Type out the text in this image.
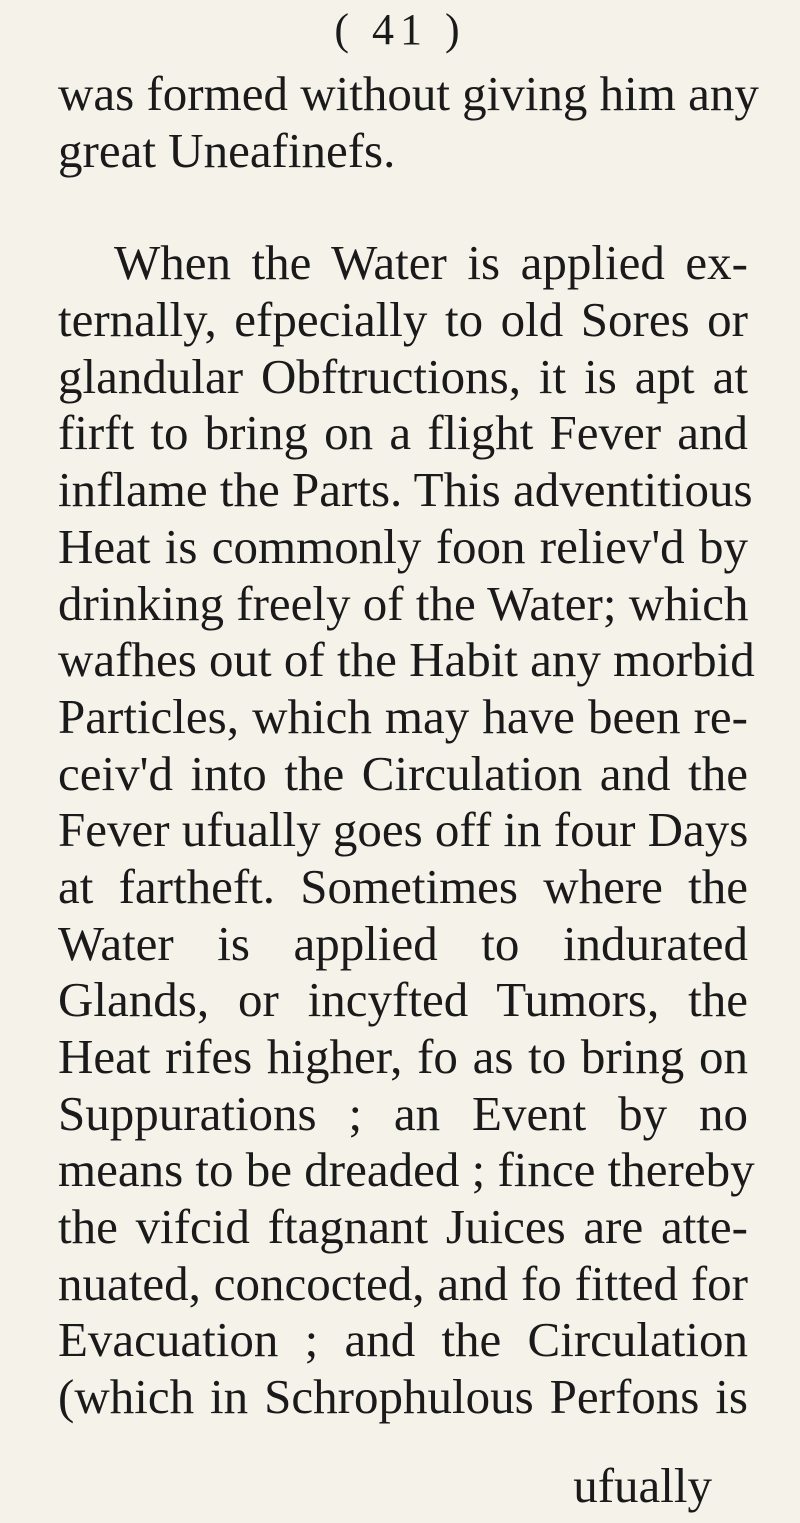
( 41 )
was formed without giving him any
great Uneafinefs.
When the Water is applied ex-
ternally, efpecially to old Sores or
glandular Obftructions, it is apt at
firft to bring on a flight Fever and
inflame the Parts. This adventitious
Heat is commonly foon reliev'd by
drinking freely of the Water; which
wafhes out of the Habit any morbid
Particles, which may have been re-
ceiv'd into the Circulation and the
Fever ufually goes off in four Days
at fartheft. Sometimes where the
Water is applied to indurated
Glands, or incyfted Tumors, the
Heat rifes higher, fo as to bring on
Suppurations ; an Event by no
means to be dreaded ; fince thereby
the vifcid ftagnant Juices are atte-
nuated, concocted, and fo fitted for
Evacuation ; and the Circulation
(which in Schrophulous Perfons is
ufually
